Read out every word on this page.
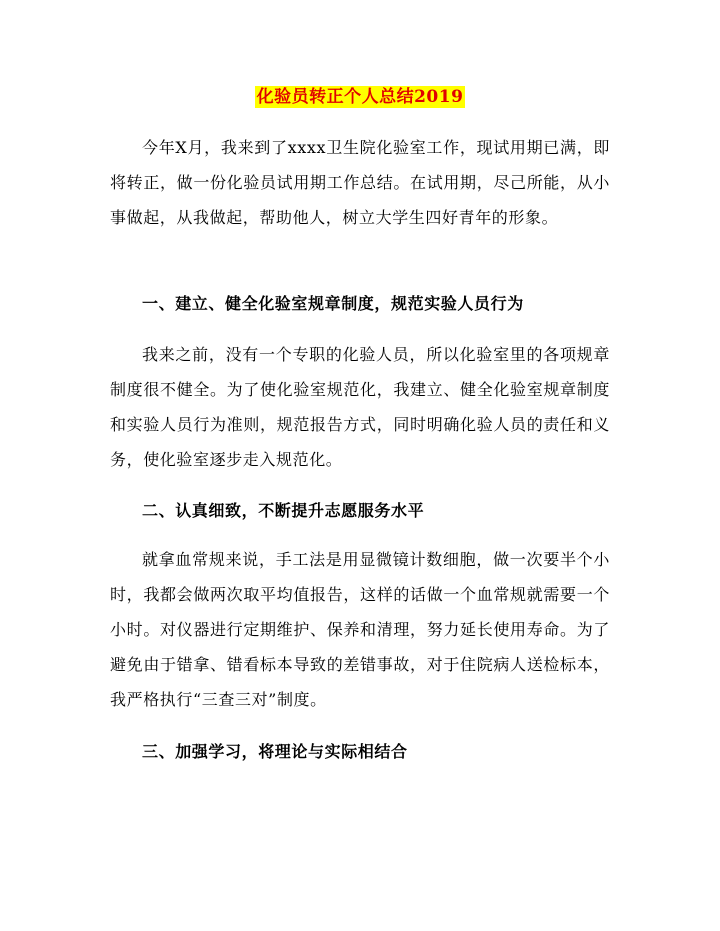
化验员转正个人总结2019

今年X月，我来到了xxxx卫生院化验室工作，现试用期已满，即将转正，做一份化验员试用期工作总结。在试用期，尽己所能，从小事做起，从我做起，帮助他人，树立大学生四好青年的形象。

一、建立、健全化验室规章制度，规范实验人员行为

我来之前，没有一个专职的化验人员，所以化验室里的各项规章制度很不健全。为了使化验室规范化，我建立、健全化验室规章制度和实验人员行为准则，规范报告方式，同时明确化验人员的责任和义务，使化验室逐步走入规范化。

二、认真细致，不断提升志愿服务水平

就拿血常规来说，手工法是用显微镜计数细胞，做一次要半个小时，我都会做两次取平均值报告，这样的话做一个血常规就需要一个小时。对仪器进行定期维护、保养和清理，努力延长使用寿命。为了避免由于错拿、错看标本导致的差错事故，对于住院病人送检标本，我严格执行“三查三对”制度。

三、加强学习，将理论与实际相结合
